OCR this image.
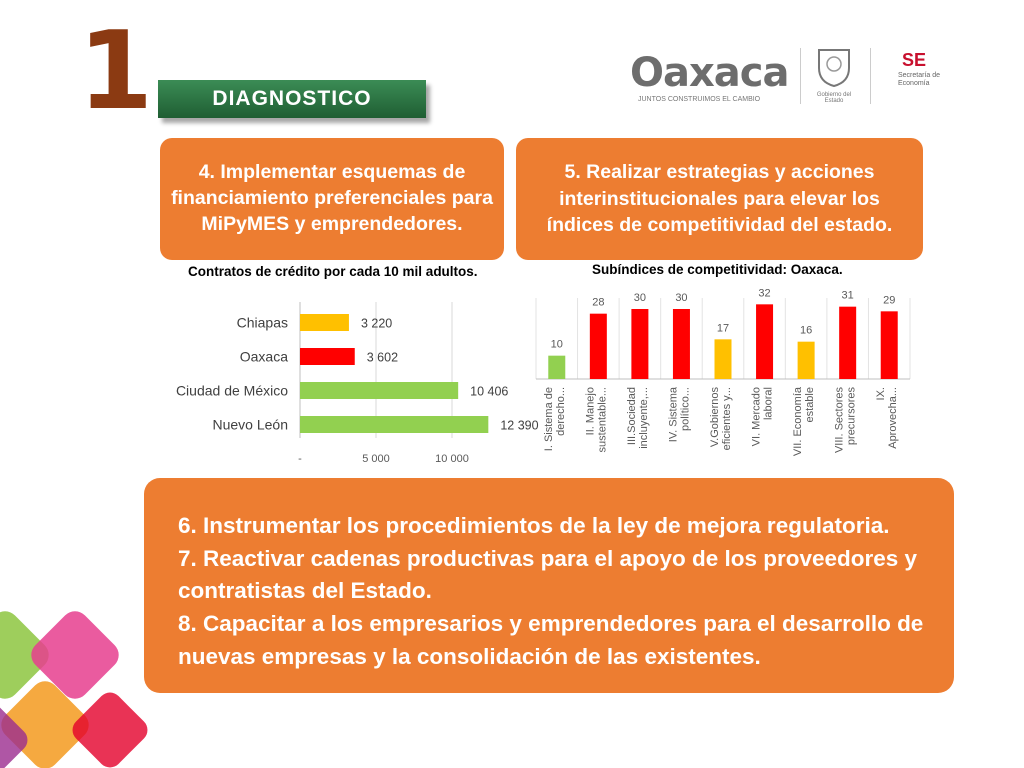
1	DIAGNOSTICO
Oaxaca
JUNTOS CONSTRUIMOS EL CAMBIO
Gobierno del Estado
SE
Secretaría de Economía
4. Implementar esquemas de financiamiento preferenciales para MiPyMES y emprendedores.
5. Realizar estrategias y acciones interinstitucionales para elevar los índices de competitividad del estado.
Contratos de crédito por cada 10 mil adultos.
-	5 000	10 000
Chiapas	3 220
Oaxaca	3 602
Ciudad de México	10 406
Nuevo León	12 390
Subíndices de competitividad: Oaxaca.
10
I. Sistema de derecho...
28
II. Manejo sustentable...
30
III.Sociedad incluyente,...
30
IV. Sistema político...
17
V.Gobiernos eficientes y...
32
VI. Mercado laboral
16
VII. Economía estable
31
VIII. Sectores precursores
29
IX. Aprovecha...

6. Instrumentar los procedimientos de la ley de mejora regulatoria.

7. Reactivar cadenas productivas para el apoyo de los proveedores y contratistas del Estado.

8. Capacitar a los empresarios y emprendedores para el desarrollo de nuevas empresas y la consolidación de las existentes.
